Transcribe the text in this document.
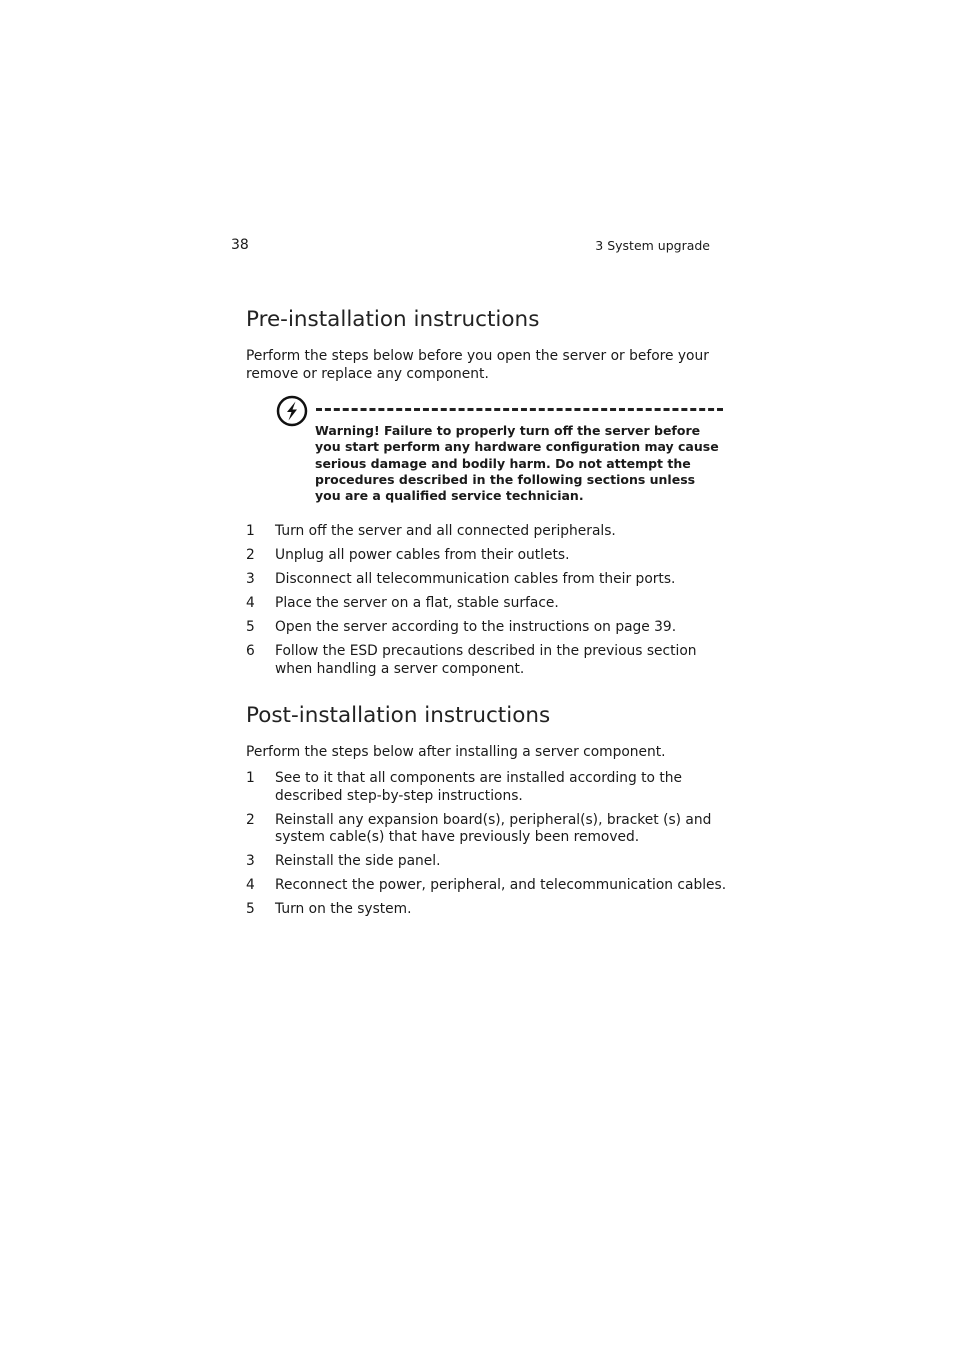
38	3 System upgrade
Pre-installation instructions

Perform the steps below before you open the server or before your remove or replace any component.

Warning! Failure to properly turn off the server before you start perform any hardware configuration may cause serious damage and bodily harm. Do not attempt the procedures described in the following sections unless you are a qualified service technician.

1	Turn off the server and all connected peripherals.
2	Unplug all power cables from their outlets.
3	Disconnect all telecommunication cables from their ports.
4	Place the server on a flat, stable surface.
5	Open the server according to the instructions on page 39.
6	Follow the ESD precautions described in the previous section when handling a server component.
Post-installation instructions

Perform the steps below after installing a server component.

1	See to it that all components are installed according to the described step-by-step instructions.
2	Reinstall any expansion board(s), peripheral(s), bracket (s) and system cable(s) that have previously been removed.
3	Reinstall the side panel.
4	Reconnect the power, peripheral, and telecommunication cables.
5	Turn on the system.
